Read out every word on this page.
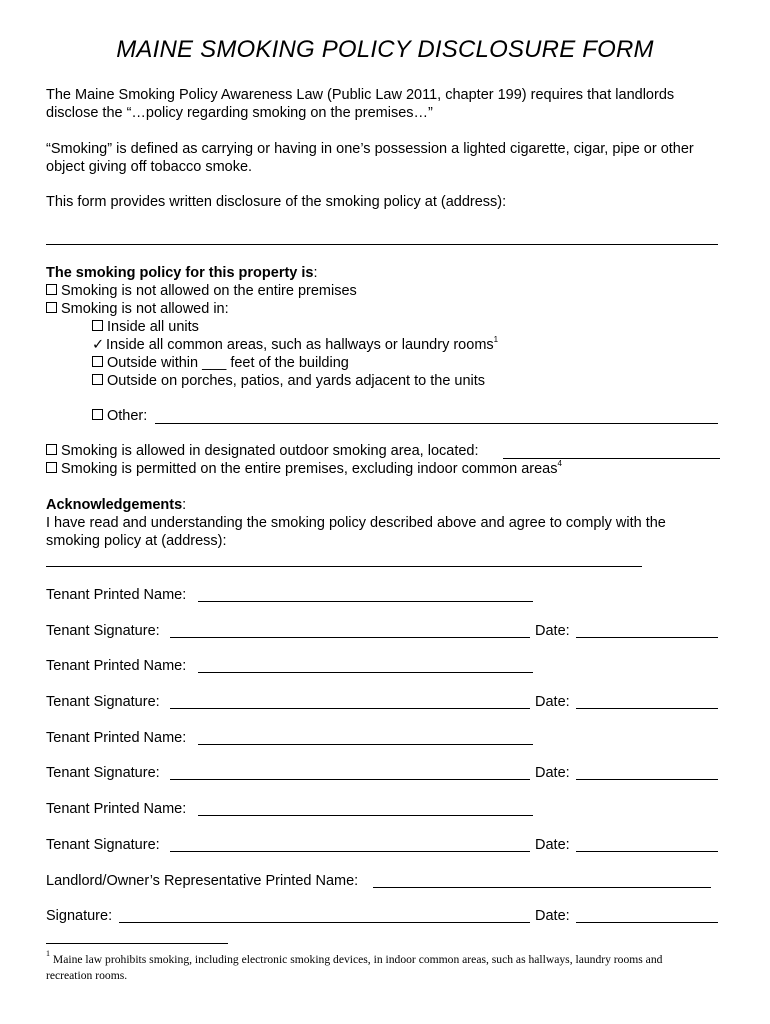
MAINE SMOKING POLICY DISCLOSURE FORM
The Maine Smoking Policy Awareness Law (Public Law 2011, chapter 199) requires that landlords
disclose the “…policy regarding smoking on the premises…”
“Smoking” is defined as carrying or having in one’s possession a lighted cigarette, cigar, pipe or other
object giving off tobacco smoke.
This form provides written disclosure of the smoking policy at (address):
The smoking policy for this property is:
Smoking is not allowed on the entire premises
Smoking is not allowed in:
Inside all units
✓ Inside all common areas, such as hallways or laundry rooms$^1$
Outside within ___ feet of the building
Outside on porches, patios, and yards adjacent to the units
Other:
Smoking is allowed in designated outdoor smoking area, located:
Smoking is permitted on the entire premises, excluding indoor common areas$^4$
Acknowledgements:
I have read and understanding the smoking policy described above and agree to comply with the
smoking policy at (address):
Tenant Printed Name:
Tenant Signature:	Date:
Tenant Printed Name:
Tenant Signature:	Date:
Tenant Printed Name:
Tenant Signature:	Date:
Tenant Printed Name:
Tenant Signature:	Date:
Landlord/Owner’s Representative Printed Name:
Signature:	Date:
$^1$ Maine law prohibits smoking, including electronic smoking devices, in indoor common areas, such as hallways, laundry rooms and
recreation rooms.
